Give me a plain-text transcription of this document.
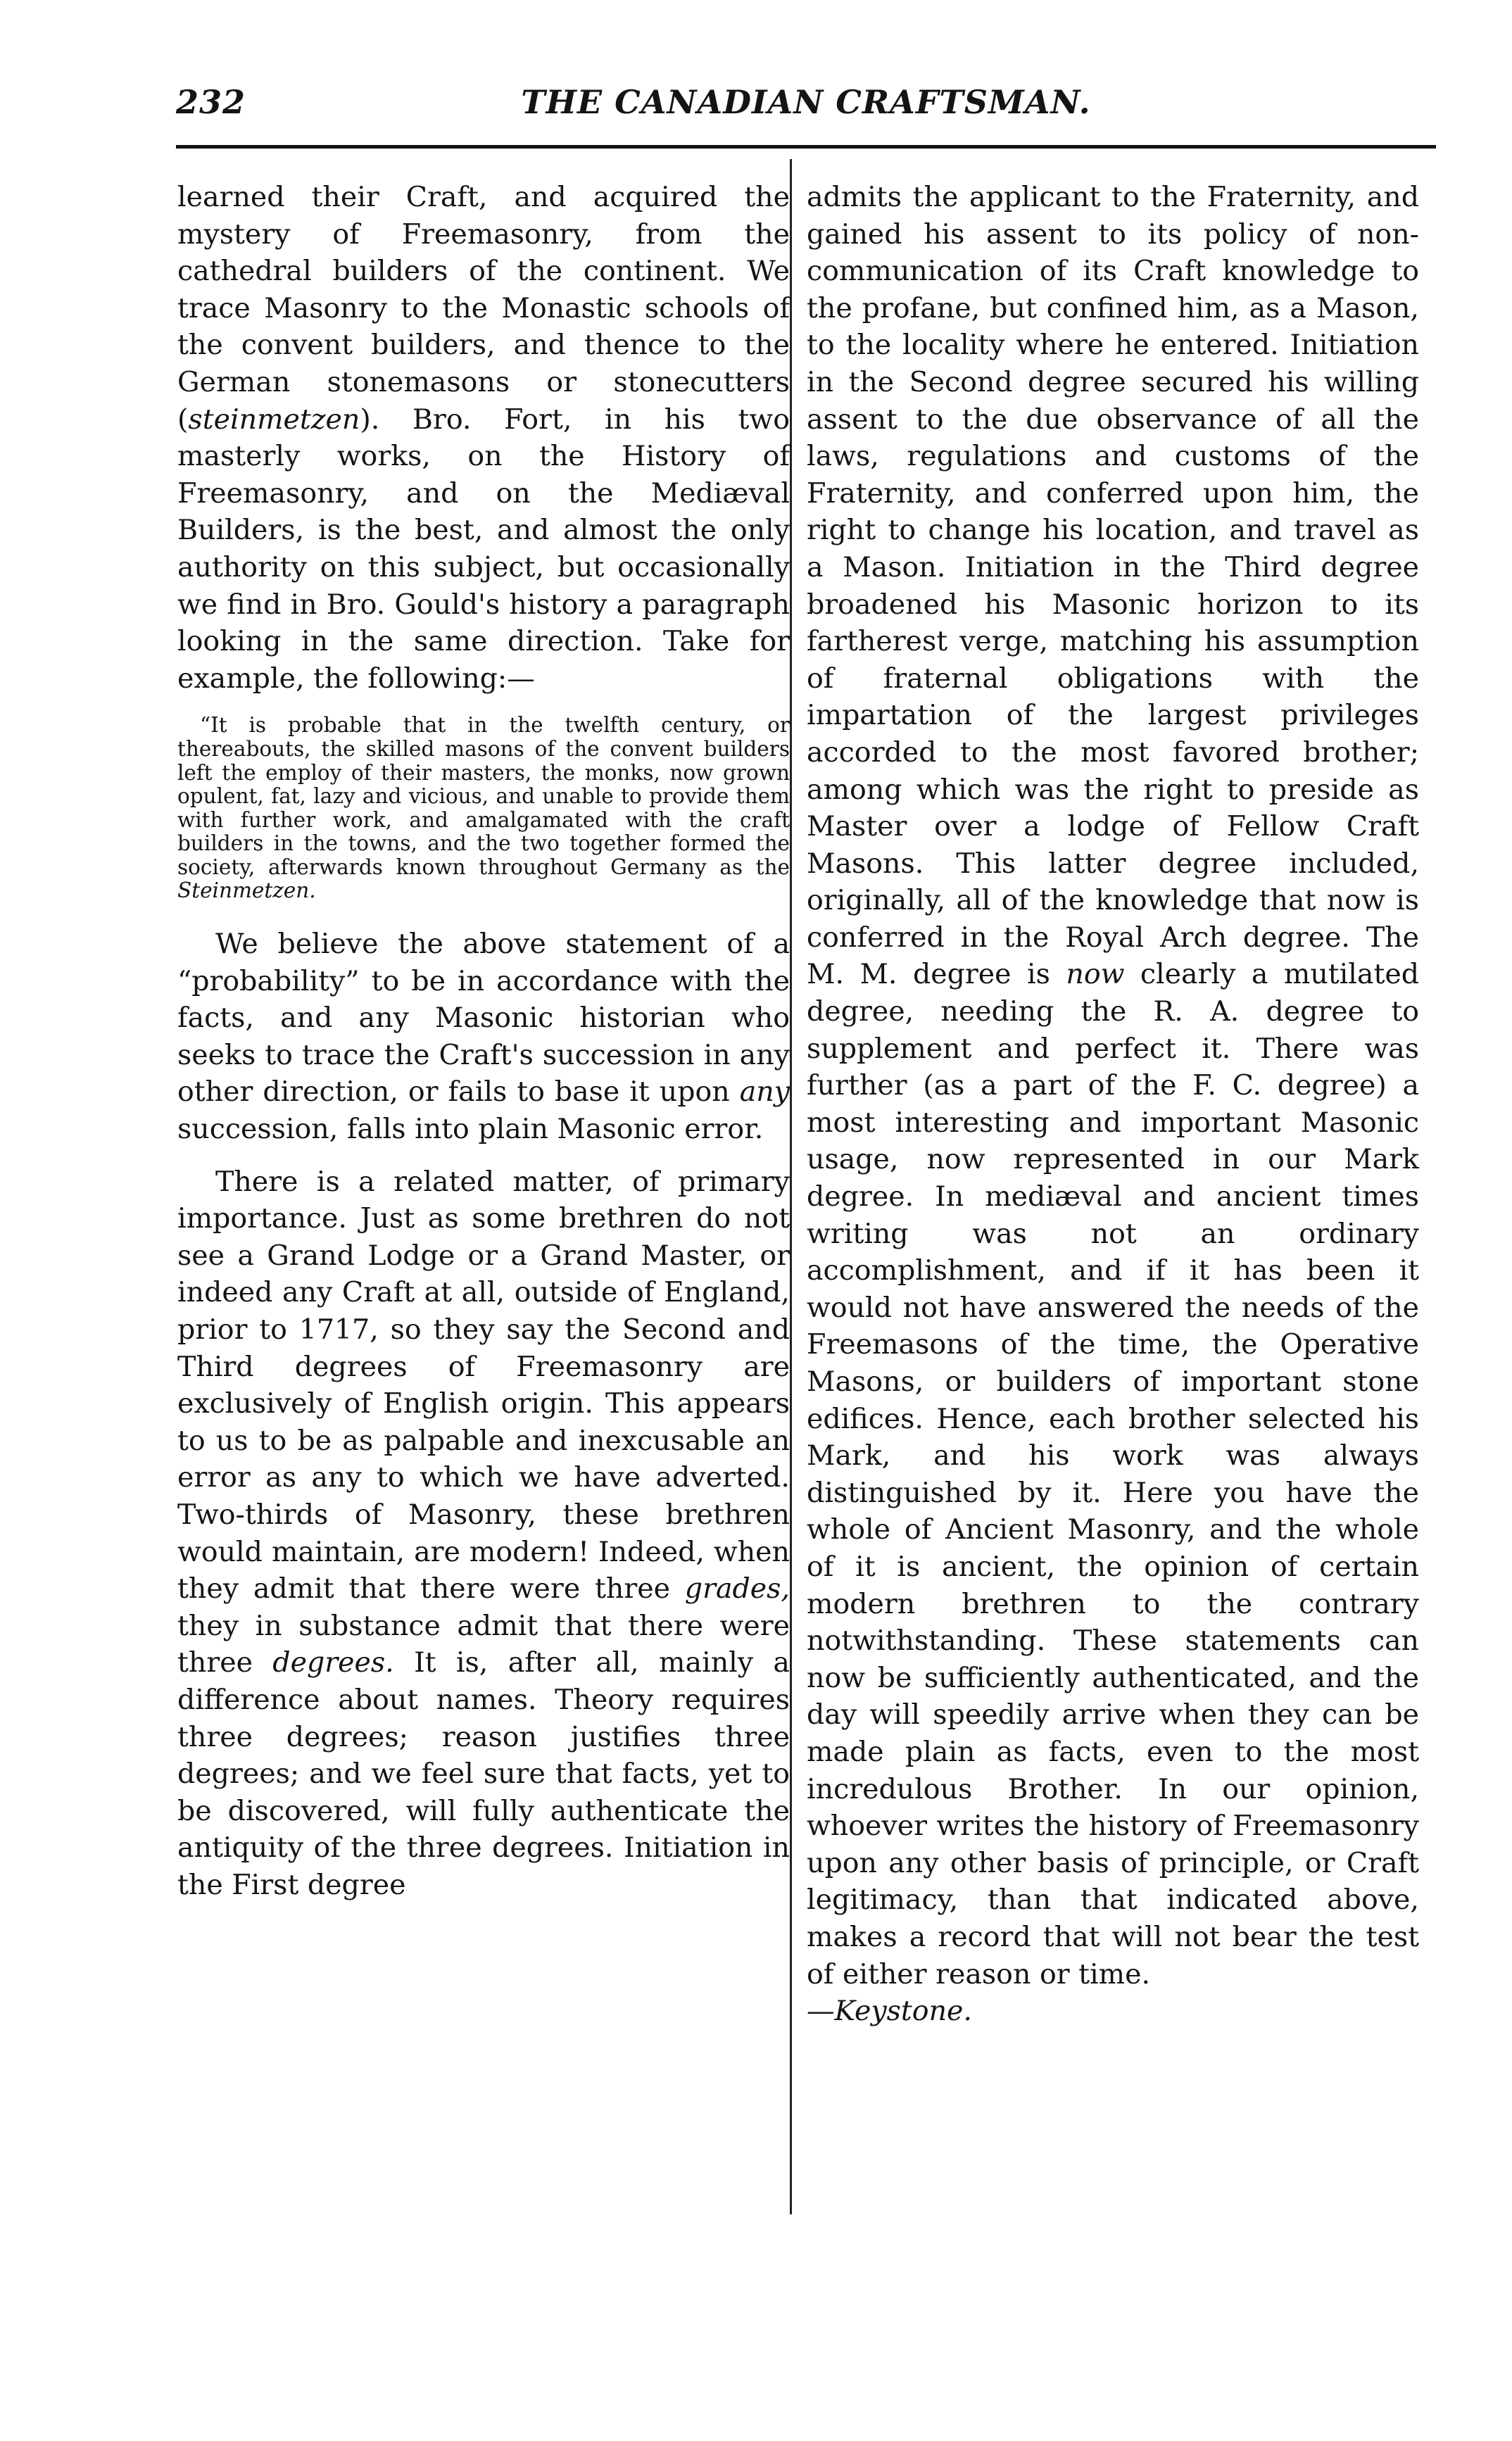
232	THE CANADIAN CRAFTSMAN.

learned their Craft, and acquired the mystery of Freemasonry, from the cathedral builders of the continent. We trace Masonry to the Monastic schools of the convent builders, and thence to the German stonemasons or stonecutters (steinmetzen). Bro. Fort, in his two masterly works, on the History of Freemasonry, and on the Mediæval Builders, is the best, and almost the only authority on this subject, but occasionally we find in Bro. Gould's history a paragraph looking in the same direction. Take for example, the following:—

“It is probable that in the twelfth century, or thereabouts, the skilled masons of the convent builders left the employ of their masters, the monks, now grown opulent, fat, lazy and vicious, and unable to provide them with further work, and amalgamated with the craft builders in the towns, and the two together formed the society, afterwards known throughout Germany as the Steinmetzen.

We believe the above statement of a “probability” to be in accordance with the facts, and any Masonic historian who seeks to trace the Craft's succession in any other direction, or fails to base it upon any succession, falls into plain Masonic error.

There is a related matter, of primary importance. Just as some brethren do not see a Grand Lodge or a Grand Master, or indeed any Craft at all, outside of England, prior to 1717, so they say the Second and Third degrees of Freemasonry are exclusively of English origin. This appears to us to be as palpable and inexcusable an error as any to which we have adverted. Two-thirds of Masonry, these brethren would maintain, are modern! Indeed, when they admit that there were three grades, they in substance admit that there were three degrees. It is, after all, mainly a difference about names. Theory requires three degrees; reason justifies three degrees; and we feel sure that facts, yet to be discovered, will fully authenticate the antiquity of the three degrees. Initiation in the First degree

admits the applicant to the Fraternity, and gained his assent to its policy of non-communication of its Craft knowledge to the profane, but confined him, as a Mason, to the locality where he entered. Initiation in the Second degree secured his willing assent to the due observance of all the laws, regulations and customs of the Fraternity, and conferred upon him, the right to change his location, and travel as a Mason. Initiation in the Third degree broadened his Masonic horizon to its fartherest verge, matching his assumption of fraternal obligations with the impartation of the largest privileges accorded to the most favored brother; among which was the right to preside as Master over a lodge of Fellow Craft Masons. This latter degree included, originally, all of the knowledge that now is conferred in the Royal Arch degree. The M. M. degree is now clearly a mutilated degree, needing the R. A. degree to supplement and perfect it. There was further (as a part of the F. C. degree) a most interesting and important Masonic usage, now represented in our Mark degree. In mediæval and ancient times writing was not an ordinary accomplishment, and if it has been it would not have answered the needs of the Freemasons of the time, the Operative Masons, or builders of important stone edifices. Hence, each brother selected his Mark, and his work was always distinguished by it. Here you have the whole of Ancient Masonry, and the whole of it is ancient, the opinion of certain modern brethren to the contrary notwithstanding. These statements can now be sufficiently authenticated, and the day will speedily arrive when they can be made plain as facts, even to the most incredulous Brother. In our opinion, whoever writes the history of Freemasonry upon any other basis of principle, or Craft legitimacy, than that indicated above, makes a record that will not bear the test of either reason or time.

—Keystone.
